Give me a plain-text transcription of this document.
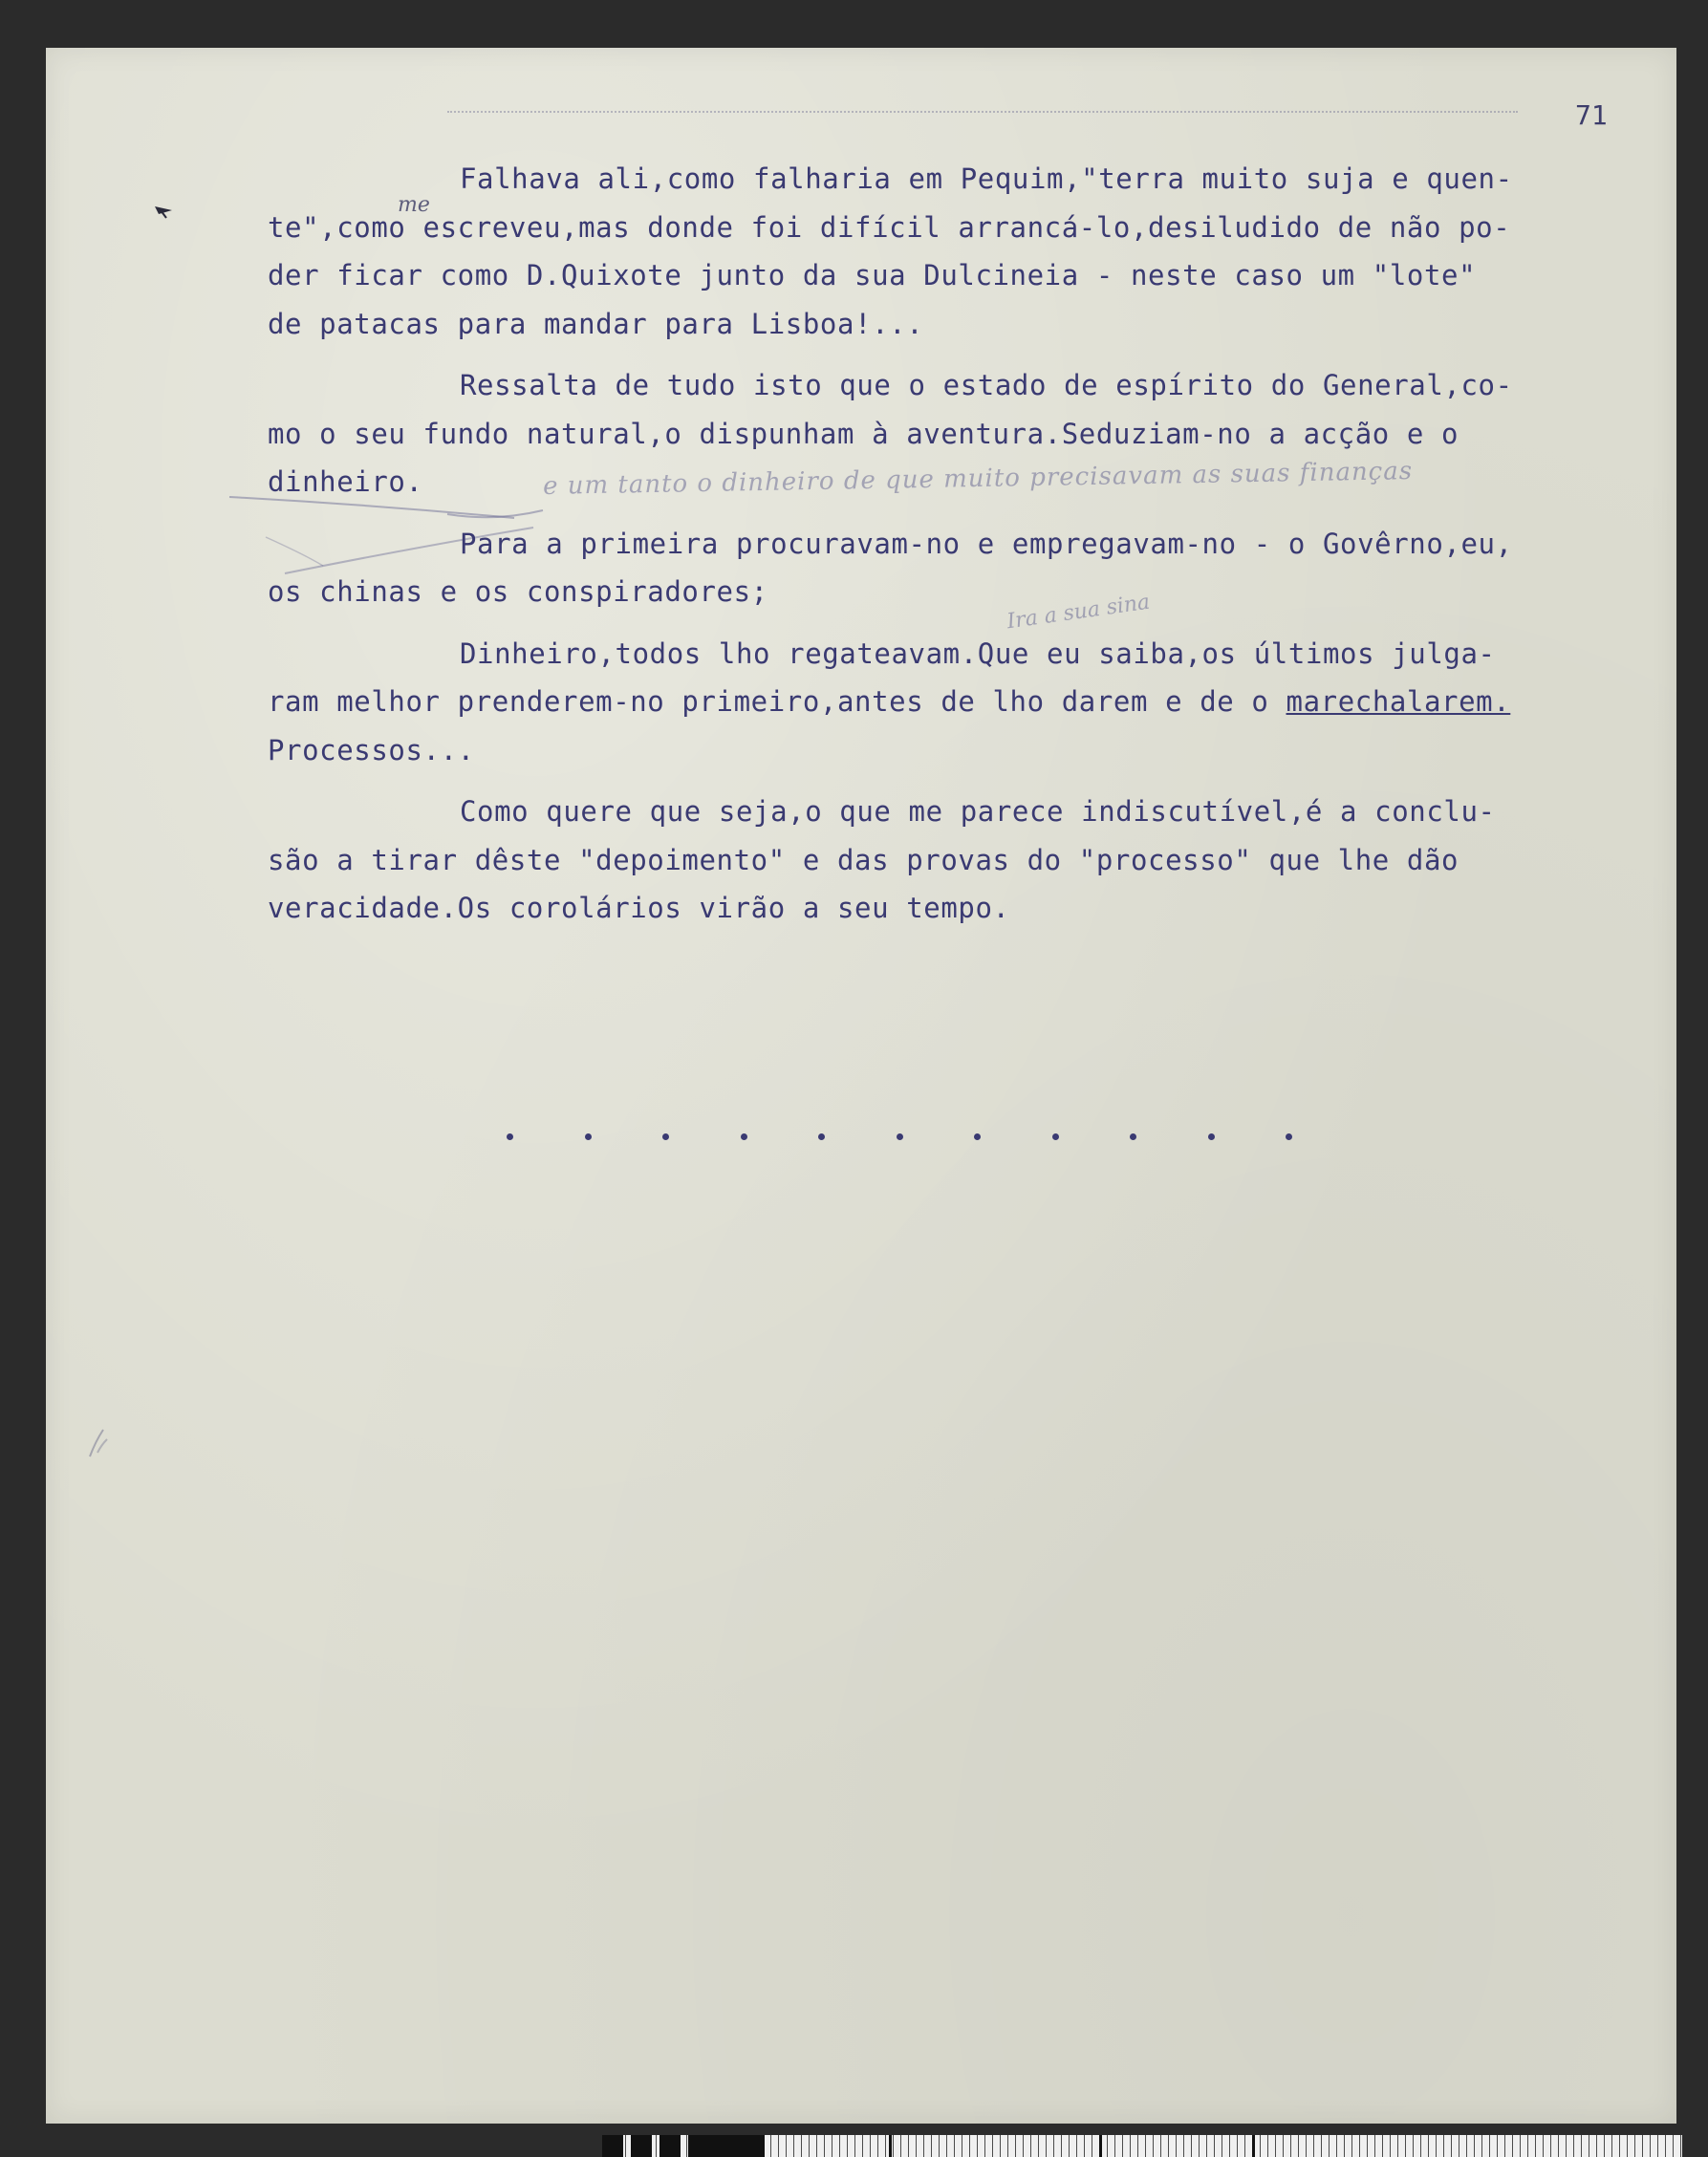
71
me
e um tanto o dinheiro de que muito precisavam as suas finanças
Ira a sua sina
Falhava ali,como falharia em Pequim,"terra muito suja e quen-
te",como escreveu,mas donde foi difícil arrancá-lo,desiludido de não po-
der ficar como D.Quixote junto da sua Dulcineia - neste caso um "lote"
de patacas para mandar para Lisboa!...
Ressalta de tudo isto que o estado de espírito do General,co-
mo o seu fundo natural,o dispunham à aventura.Seduziam-no a acção e o
dinheiro.
Para a primeira procuravam-no e empregavam-no - o Govêrno,eu,
os chinas e os conspiradores;
Dinheiro,todos lho regateavam.Que eu saiba,os últimos julga-
ram melhor prenderem-no primeiro,antes de lho darem e de o marechalarem.
Processos...
Como quere que seja,o que me parece indiscutível,é a conclu-
são a tirar dêste "depoimento" e das provas do "processo" que lhe dão
veracidade.Os corolários virão a seu tempo.
